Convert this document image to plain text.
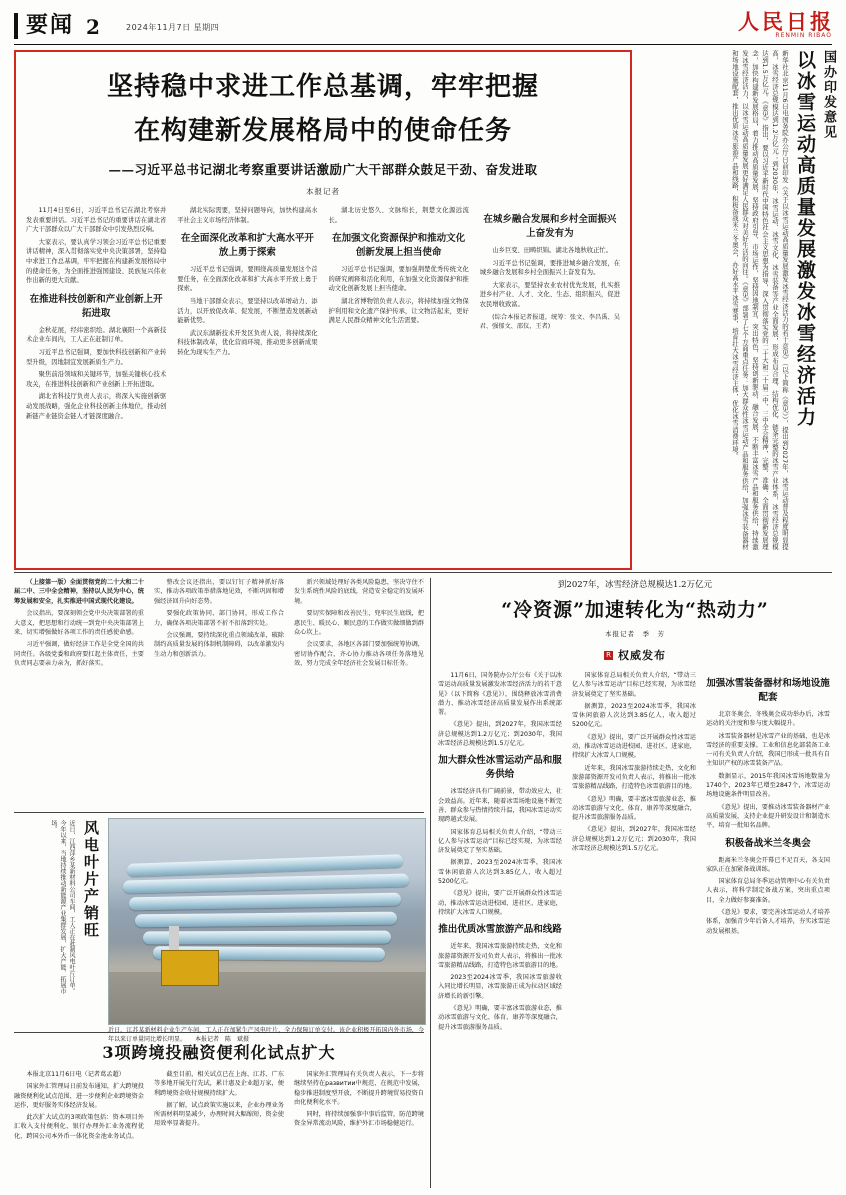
要闻 2	2024年11月7日 星期四	人民日报
RENMIN RIBAO
坚持稳中求进工作总基调，牢牢把握
在构建新发展格局中的使命任务
——习近平总书记湖北考察重要讲话激励广大干部群众鼓足干劲、奋发进取
本报记者

11月4日至6日，习近平总书记在湖北考察并发表重要讲话。习近平总书记的重要讲话在湖北省广大干部群众以广大干部群众中引发热烈反响。

大家表示，要认真学习领会习近平总书记重要讲话精神，深入贯彻落实党中央决策部署，坚持稳中求进工作总基调，牢牢把握在构建新发展格局中的使命任务，为全面推进强国建设、民族复兴伟业作出新的更大贡献。

在推进科技创新和产业创新上开拓进取

金秋花展，经纬密织绘。湖北襄阳一个高新技术企业车间内，工人正在赶制订单。

习近平总书记强调，要加快科技创新和产业转型升级，因地制宜发展新质生产力。

聚焦前沿领域和关键环节，加强关键核心技术攻关，在推进科技创新和产业创新上开拓进取。

湖北省科技厅负责人表示，将深入实施创新驱动发展战略，强化企业科技创新主体地位，推动创新链产业链资金链人才链深度融合。

湖北实际需要，坚持问题导向，加快构建高水平社会主义市场经济体制。

在全面深化改革和扩大高水平开放上勇于探索

习近平总书记强调，要围绕高质量发展这个首要任务，在全面深化改革和扩大高水平开放上勇于探索。

当地干部群众表示，要坚持以改革增动力、添活力，以开放促改革、促发展，不断塑造发展新动能新优势。

武汉东湖新技术开发区负责人说，将持续深化科技体制改革，优化营商环境，推动更多创新成果转化为现实生产力。

湖北历史悠久、文脉绵长，荆楚文化源远流长。

在加强文化资源保护和推动文化创新发展上担当使命

习近平总书记强调，要加强荆楚优秀传统文化的研究阐释和活化利用，在加强文化资源保护和推动文化创新发展上担当使命。

湖北省博物馆负责人表示，将持续加强文物保护利用和文化遗产保护传承，让文物活起来，更好满足人民群众精神文化生活需要。

在城乡融合发展和乡村全面振兴上奋发有为

山乡巨变、田畴织锦。湖北各地秋收正忙。

习近平总书记强调，要推进城乡融合发展，在城乡融合发展和乡村全面振兴上奋发有为。

大家表示，要坚持农业农村优先发展，扎实推进乡村产业、人才、文化、生态、组织振兴，促进农民增收致富。

(综合本报记者报道，统筹：张文、李昌禹、吴君、强郁文、邵仪、王者)

国办印发意见
以冰雪运动高质量发展激发冰雪经济活力
新华社北京11月6日电国务院办公厅日前印发《关于以冰雪运动高质量发展激发冰雪经济活力的若干意见》（以下简称《意见》），提出到2027年，冰雪运动普及程度明显提高，冰雪经济总规模达到1.2万亿元；到2030年，冰雪运动、冰雪文化、冰雪装备等产业全面发展，形成布局合理、结构优化、链条完整的冰雪产业体系，冰雪经济总规模达到1.5万亿元。《意见》指出，要以习近平新时代中国特色社会主义思想为指导，深入贯彻落实党的二十大和二十届二中、三中全会精神，完整、准确、全面贯彻新发展理念，加快构建新发展格局，着力推动高质量发展，坚持政府引导、市场运作，坚持因地制宜、突出特色，坚持创新驱动、融合发展，不断丰富冰雪产品和服务供给，持续激发冰雪经济活力，以冰雪运动高质量发展更好满足人民群众对美好生活的向往。《意见》部署了七个方面重点任务：加大群众性冰雪运动产品和服务供给，加强冰雪装备器材和场地设施配套，推出优质冰雪旅游产品和线路，积极备战米兰冬奥会，办好高水平冰雪赛事，培育壮大冰雪经济主体，优化冰雪消费环境。

（上接第一版）全面贯彻党的二十大和二十届二中、三中全会精神，坚持以人民为中心，统筹发展和安全，扎实推进中国式现代化建设。

会议指出，要深刻领会党中央决策部署的重大意义，把思想和行动统一到党中央决策部署上来，切实增强做好各项工作的责任感使命感。

习近平强调，做好经济工作是全党全国的共同责任。各级党委和政府要扛起主体责任，主要负责同志要亲力亲为，抓好落实。

整改会议还指出，要以钉钉子精神抓好落实，推动各项政策举措落地见效，不断巩固和增强经济回升向好态势。

要强化政策协同、部门协同，形成工作合力，确保各项决策部署不折不扣落到实处。

会议强调，要持续深化重点领域改革，破除制约高质量发展的体制机制障碍，以改革激发内生动力和创新活力。

新兴领域处理好各类风险隐患，坚决守住不发生系统性风险的底线，营造安全稳定的发展环境。

要切实保障和改善民生，兜牢民生底线，把惠民生、暖民心、顺民意的工作做实做细做到群众心坎上。

会议要求，各地区各部门要加强统筹协调，密切协作配合，齐心协力推动各项任务落地见效，努力完成全年经济社会发展目标任务。

风电叶片产销旺
近日，江西萍乡某新材料公司车间，工人正在赶制风电叶片订单。今年以来，当地持续推动新能源产业集群发展，扩大产能、拓展市场。
近日，江苏某新材料企业生产车间，工人正在加紧生产风电叶片，全力保障订单交付。该企业积极开拓国内外市场，今年以来订单量同比增长明显。　　本报记者　陈　斌摄
3项跨境投融资便利化试点扩大

本报北京11月6日电（记者葛孟超）

国家外汇管理局日前发布通知，扩大跨境投融资便利化试点范围，进一步便利企业跨境资金运作，更好服务实体经济发展。

此次扩大试点的3项政策包括：资本项目外汇收入支付便利化、银行办理外汇业务流程优化、跨国公司本外币一体化资金池业务试点。

截至目前，相关试点已在上海、江苏、广东等多地开展先行先试，累计惠及企业超万家，便利跨境资金收付规模持续扩大。

据了解，试点政策实施以来，企业办理业务所需材料明显减少，办理时间大幅缩短，资金使用效率显著提升。

国家外汇管理局有关负责人表示，下一步将继续坚持在развитии中规范、在规范中发展，稳步推进制度型开放，不断提升跨境贸易投资自由化便利化水平。

同时，将持续加强事中事后监管，防范跨境资金异常流动风险，维护外汇市场稳健运行。

到2027年，冰雪经济总规模达1.2万亿元
“冷资源”加速转化为“热动力”
本报记者　季　芳
R 权威发布

11月6日，国务院办公厅公布《关于以冰雪运动高质量发展激发冰雪经济活力的若干意见》（以下简称《意见》），围绕释放冰雪消费潜力、推动冰雪经济高质量发展作出系统部署。

《意见》提出，到2027年，我国冰雪经济总规模达到1.2万亿元；到2030年，我国冰雪经济总规模达到1.5万亿元。

加大群众性冰雪运动产品和服务供给

冰雪经济具有广阔前景，带动效应大，社会效益高。近年来，随着冰雪场地设施不断完善、群众参与热情持续升温，我国冰雪运动实现跨越式发展。

国家体育总局相关负责人介绍，“带动三亿人参与冰雪运动”目标已经实现，为冰雪经济发展奠定了坚实基础。

据测算，2023至2024冰雪季，我国冰雪休闲旅游人次达到3.85亿人，收入超过5200亿元。

《意见》提出，要广泛开展群众性冰雪运动，推动冰雪运动进校园、进社区、进家庭，持续扩大冰雪人口规模。

推出优质冰雪旅游产品和线路

近年来，我国冰雪旅游持续走热，文化和旅游部资源开发司负责人表示，将推出一批冰雪旅游精品线路，打造特色冰雪旅游目的地。

2023至2024冰雪季，我国冰雪旅游收入同比增长明显，冰雪旅游正成为拉动区域经济增长的新引擎。

《意见》明确，要丰富冰雪旅游业态，推动冰雪旅游与文化、体育、康养等深度融合，提升冰雪旅游服务品质。

国家体育总局相关负责人介绍，“带动三亿人参与冰雪运动”目标已经实现，为冰雪经济发展奠定了坚实基础。

据测算，2023至2024冰雪季，我国冰雪休闲旅游人次达到3.85亿人，收入超过5200亿元。

《意见》提出，要广泛开展群众性冰雪运动，推动冰雪运动进校园、进社区、进家庭，持续扩大冰雪人口规模。

近年来，我国冰雪旅游持续走热，文化和旅游部资源开发司负责人表示，将推出一批冰雪旅游精品线路，打造特色冰雪旅游目的地。

《意见》明确，要丰富冰雪旅游业态，推动冰雪旅游与文化、体育、康养等深度融合，提升冰雪旅游服务品质。

《意见》提出，到2027年，我国冰雪经济总规模达到1.2万亿元；到2030年，我国冰雪经济总规模达到1.5万亿元。

加强冰雪装备器材和场地设施配套

北京冬奥会、冬残奥会成功举办后，冰雪运动的关注度和参与度大幅提升。

冰雪装备器材是冰雪产业的基础，也是冰雪经济的重要支撑。工业和信息化部装备工业一司有关负责人介绍，我国已形成一批具有自主知识产权的冰雪装备产品。

数据显示，2015年我国冰雪场地数量为1740个，2023年已增至2847个，冰雪运动场地设施条件明显改善。

《意见》提出，要推动冰雪装备器材产业高质量发展，支持企业提升研发设计和制造水平，培育一批知名品牌。

积极备战米兰冬奥会

距离米兰冬奥会开幕已不足百天，各支国家队正在加紧备战训练。

国家体育总局冬季运动管理中心有关负责人表示，将科学制定备战方案，突出重点项目，全力做好参赛准备。

《意见》要求，要完善冰雪运动人才培养体系，加强青少年后备人才培养，夯实冰雪运动发展根基。
